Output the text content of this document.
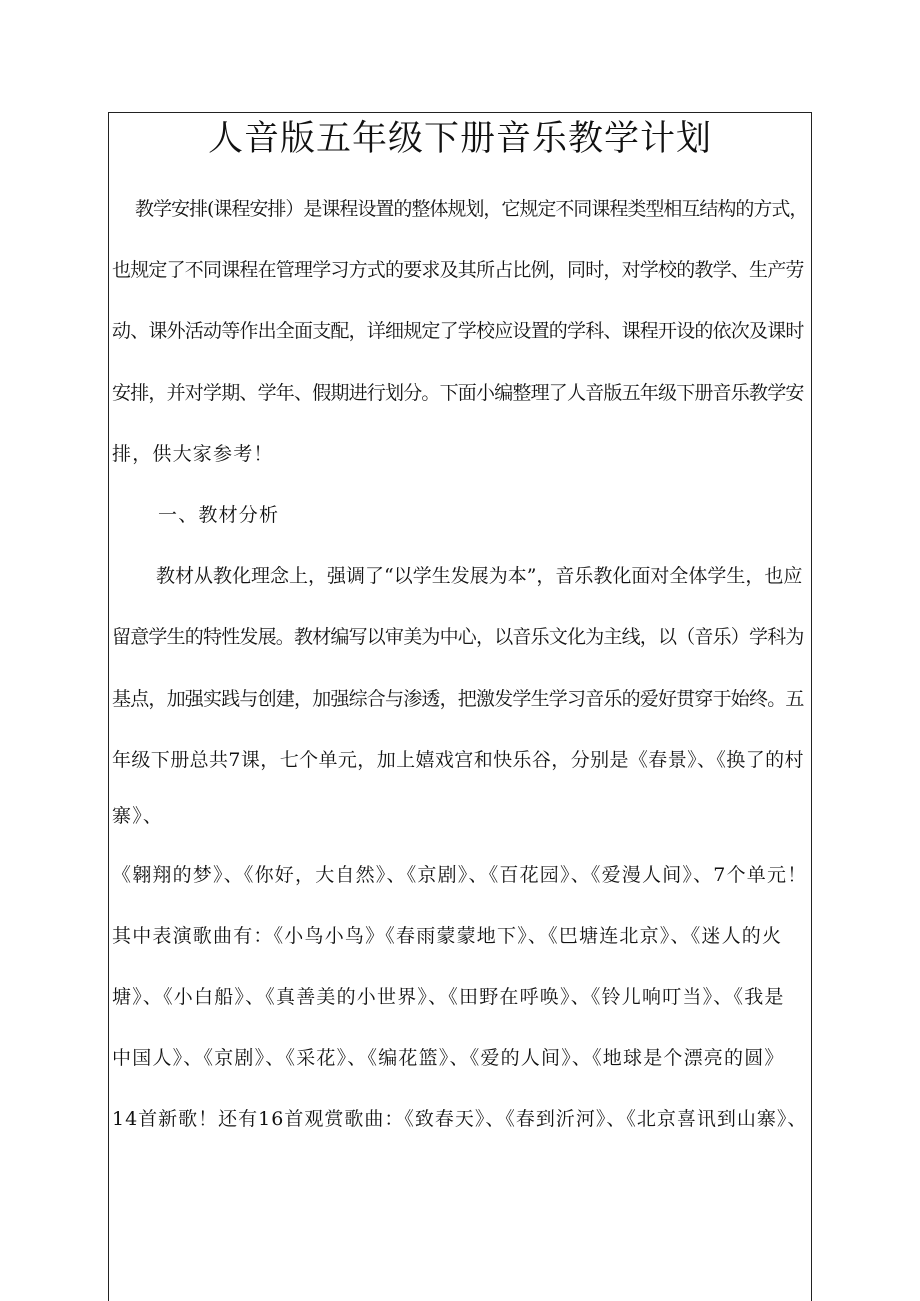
人音版五年级下册音乐教学计划
教学安排(课程安排）是课程设置的整体规划，它规定不同课程类型相互结构的方式，
也规定了不同课程在管理学习方式的要求及其所占比例，同时，对学校的教学、生产劳
动、课外活动等作出全面支配，详细规定了学校应设置的学科、课程开设的依次及课时
安排，并对学期、学年、假期进行划分。下面小编整理了人音版五年级下册音乐教学安
排，供大家参考！
一、教材分析
教材从教化理念上，强调了“以学生发展为本”，音乐教化面对全体学生，也应
留意学生的特性发展。教材编写以审美为中心，以音乐文化为主线，以（音乐）学科为
基点，加强实践与创建，加强综合与渗透，把激发学生学习音乐的爱好贯穿于始终。五
年级下册总共7课，七个单元，加上嬉戏宫和快乐谷，分别是《春景》、《换了的村
寨》、
《翱翔的梦》、《你好，大自然》、《京剧》、《百花园》、《爱漫人间》、7个单元！
其中表演歌曲有：《小鸟小鸟》《春雨蒙蒙地下》、《巴塘连北京》、《迷人的火
塘》、《小白船》、《真善美的小世界》、《田野在呼唤》、《铃儿响叮当》、《我是
中国人》、《京剧》、《采花》、《编花篮》、《爱的人间》、《地球是个漂亮的圆》
14首新歌！还有16首观赏歌曲：《致春天》、《春到沂河》、《北京喜讯到山寨》、
